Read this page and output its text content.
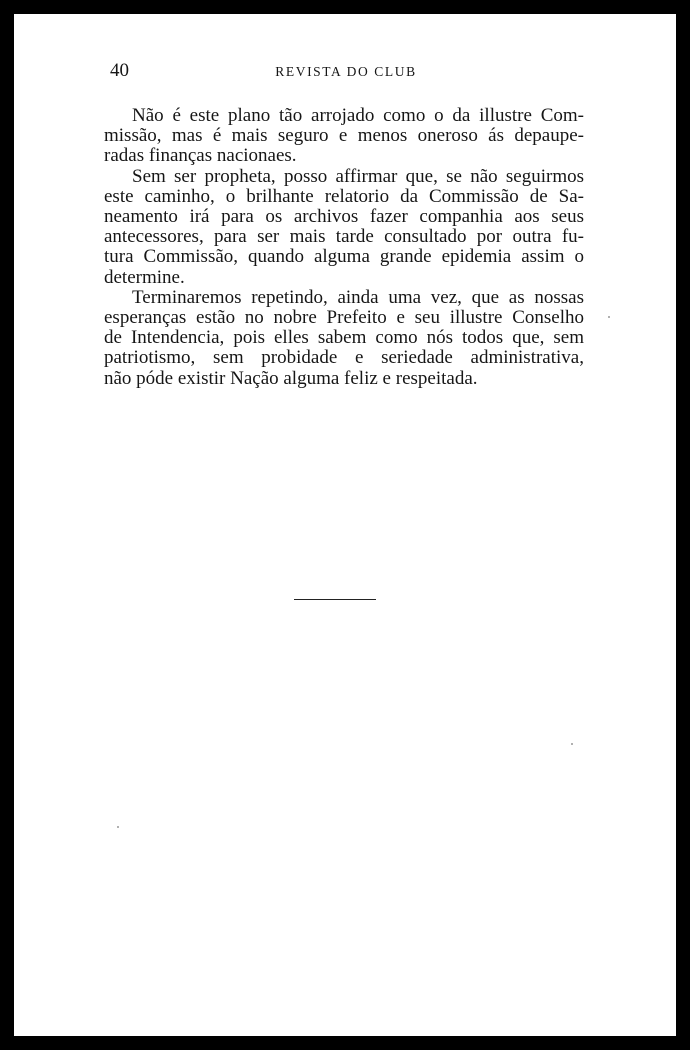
40	REVISTA DO CLUB
Não é este plano tão arrojado como o da illustre Com-
missão, mas é mais seguro e menos oneroso ás depaupe-
radas finanças nacionaes.
Sem ser propheta, posso affirmar que, se não seguirmos
este caminho, o brilhante relatorio da Commissão de Sa-
neamento irá para os archivos fazer companhia aos seus
antecessores, para ser mais tarde consultado por outra fu-
tura Commissão, quando alguma grande epidemia assim o
determine.
Terminaremos repetindo, ainda uma vez, que as nossas
esperanças estão no nobre Prefeito e seu illustre Conselho
de Intendencia, pois elles sabem como nós todos que, sem
patriotismo, sem probidade e seriedade administrativa,
não póde existir Nação alguma feliz e respeitada.
